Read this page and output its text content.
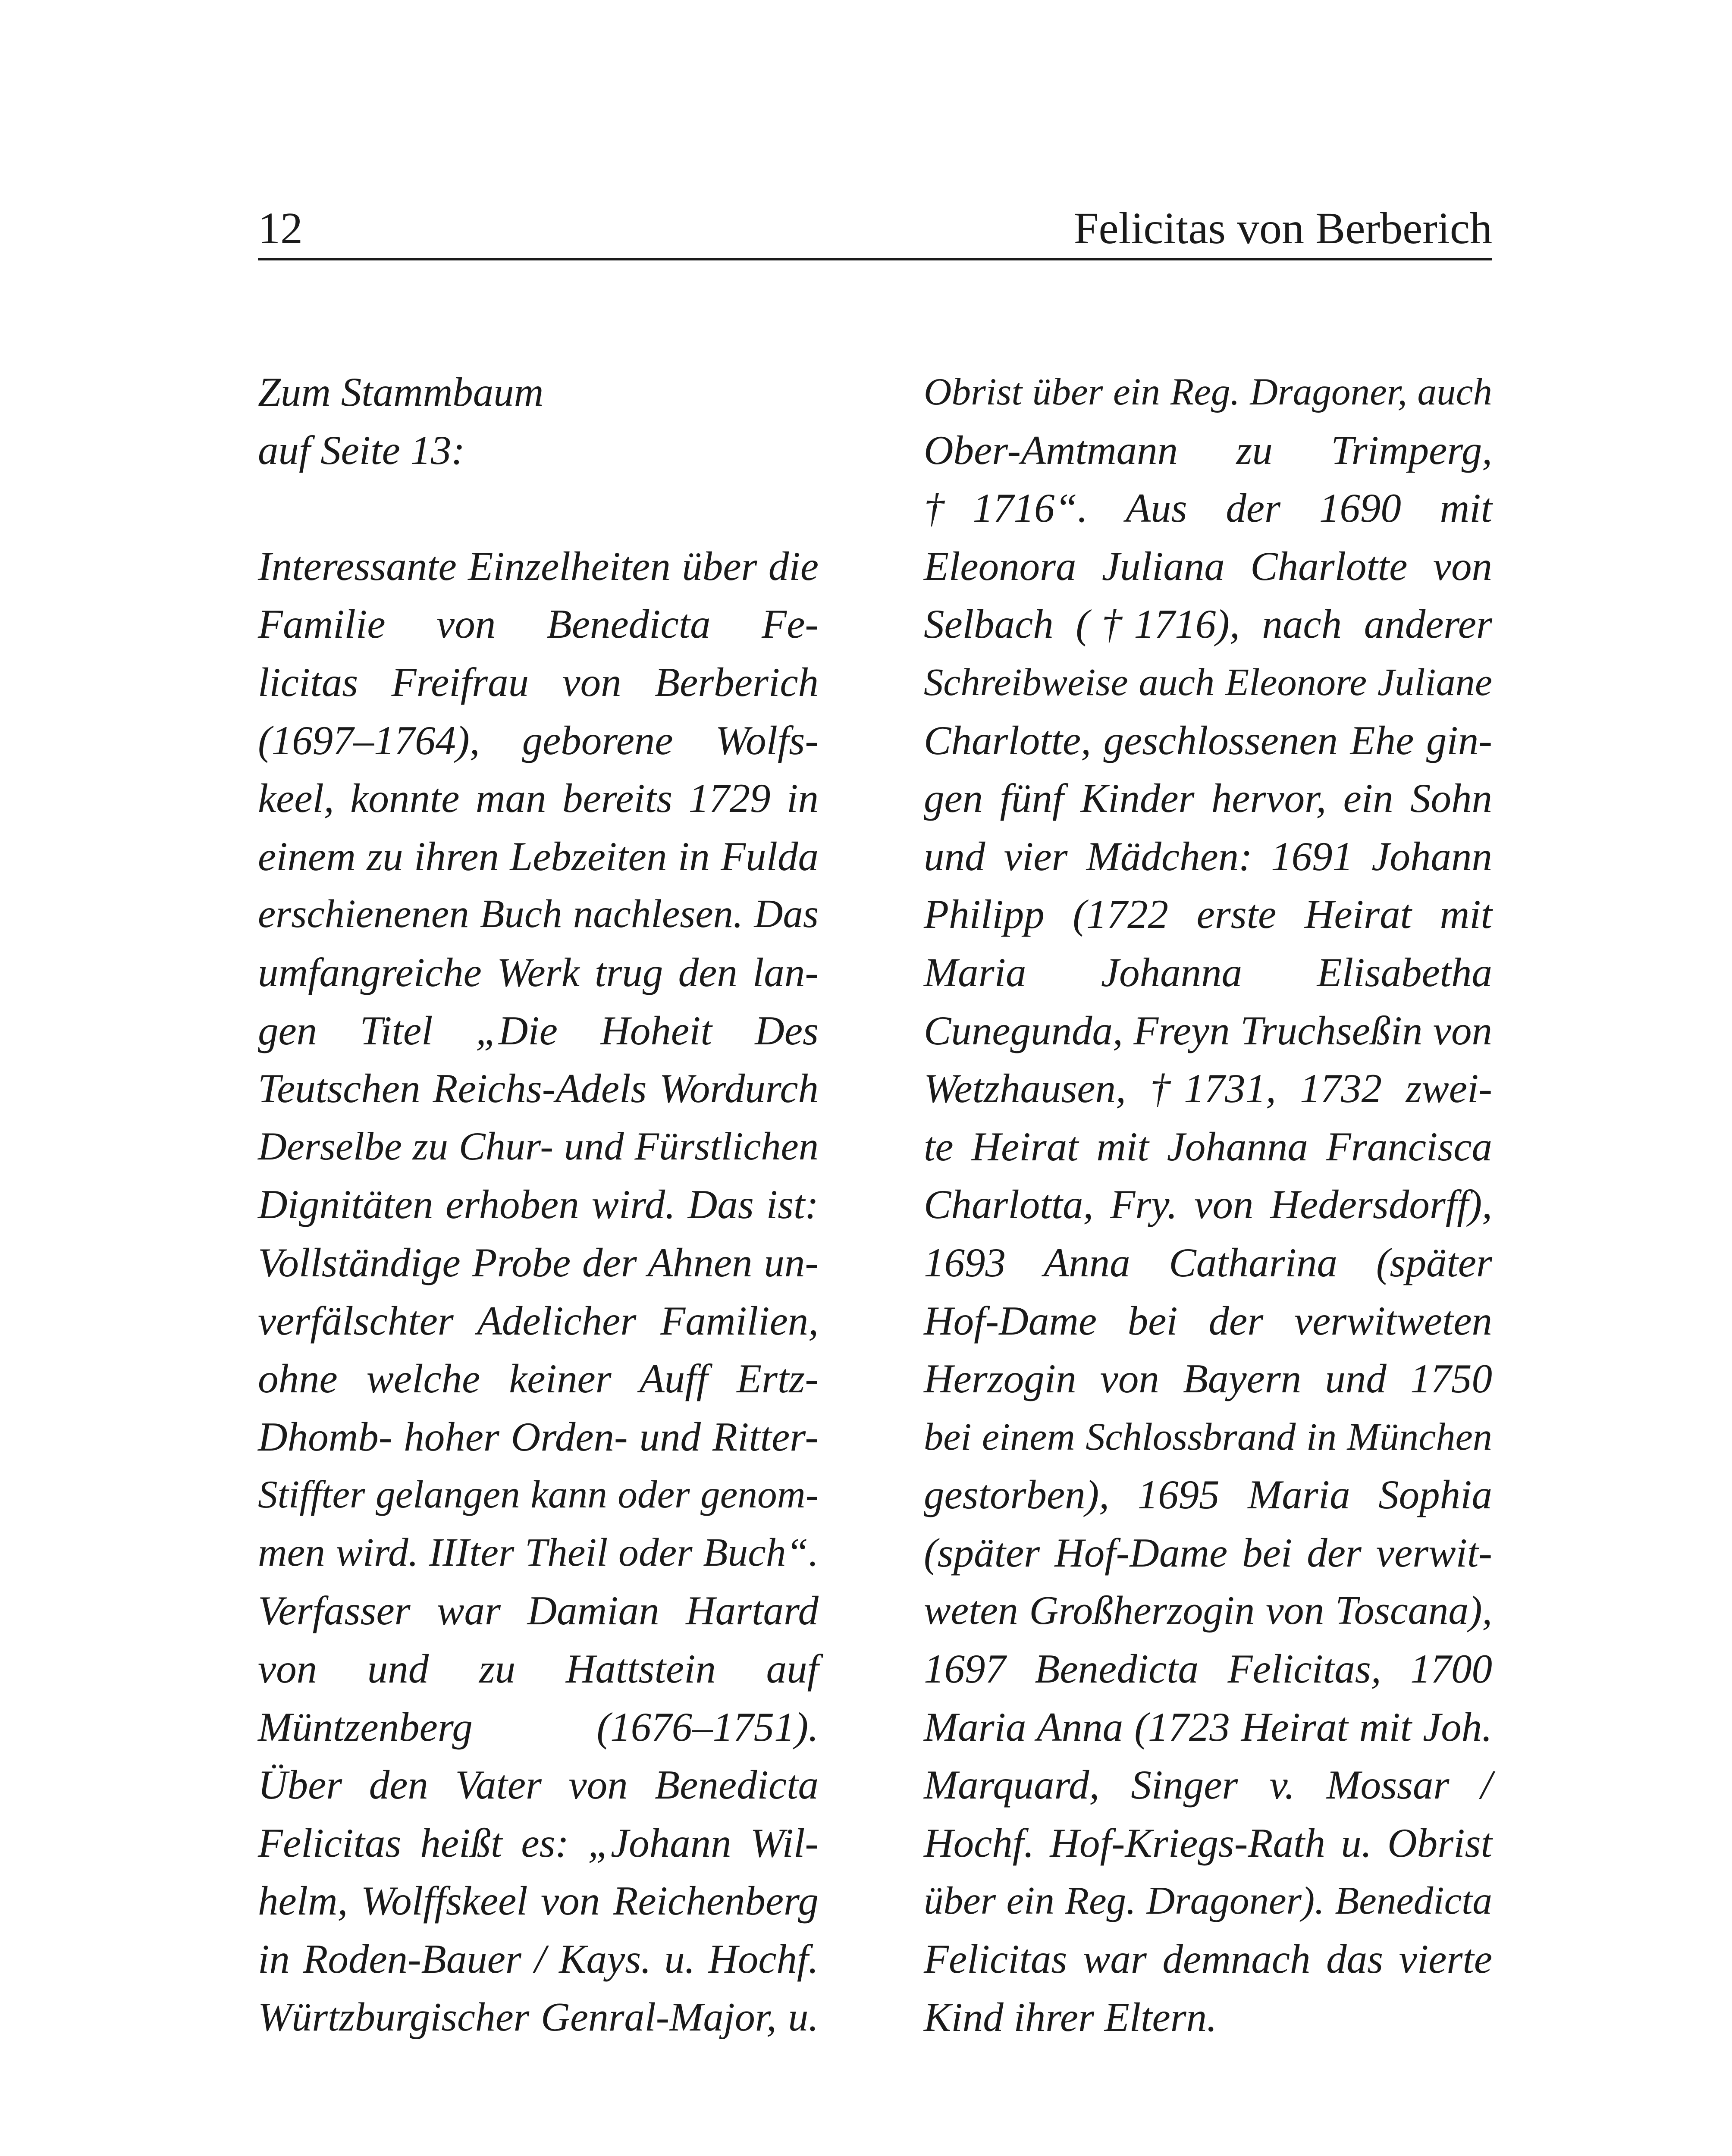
12	Felicitas von Berberich
Zum Stammbaum
auf Seite 13:
Interessante Einzelheiten über die
Familie von Benedicta Fe-
licitas Freifrau von Berberich
(1697–1764), geborene Wolfs-
keel, konnte man bereits 1729 in
einem zu ihren Lebzeiten in Fulda
erschienenen Buch nachlesen. Das
umfangreiche Werk trug den lan-
gen Titel „Die Hoheit Des
Teutschen Reichs-Adels Wordurch
Derselbe zu Chur- und Fürstlichen
Dignitäten erhoben wird. Das ist:
Vollständige Probe der Ahnen un-
verfälschter Adelicher Familien,
ohne welche keiner Auff Ertz-
Dhomb- hoher Orden- und Ritter-
Stiffter gelangen kann oder genom-
men wird. IIIter Theil oder Buch“.
Verfasser war Damian Hartard
von und zu Hattstein auf
Müntzenberg (1676–1751).
Über den Vater von Benedicta
Felicitas heißt es: „Johann Wil-
helm, Wolffskeel von Reichenberg
in Roden-Bauer / Kays. u. Hochf.
Würtzburgischer Genral-Major, u.
Obrist über ein Reg. Dragoner, auch
Ober-Amtmann zu Trimperg,
†1716“. Aus der 1690 mit
Eleonora Juliana Charlotte von
Selbach (†1716), nach anderer
Schreibweise auch Eleonore Juliane
Charlotte, geschlossenen Ehe gin-
gen fünf Kinder hervor, ein Sohn
und vier Mädchen: 1691 Johann
Philipp (1722 erste Heirat mit
Maria Johanna Elisabetha
Cunegunda, Freyn Truchseßin von
Wetzhausen, †1731, 1732 zwei-
te Heirat mit Johanna Francisca
Charlotta, Fry. von Hedersdorff),
1693 Anna Catharina (später
Hof-Dame bei der verwitweten
Herzogin von Bayern und 1750
bei einem Schlossbrand in München
gestorben), 1695 Maria Sophia
(später Hof-Dame bei der verwit-
weten Großherzogin von Toscana),
1697 Benedicta Felicitas, 1700
Maria Anna (1723 Heirat mit Joh.
Marquard, Singer v. Mossar /
Hochf. Hof-Kriegs-Rath u. Obrist
über ein Reg. Dragoner). Benedicta
Felicitas war demnach das vierte
Kind ihrer Eltern.
